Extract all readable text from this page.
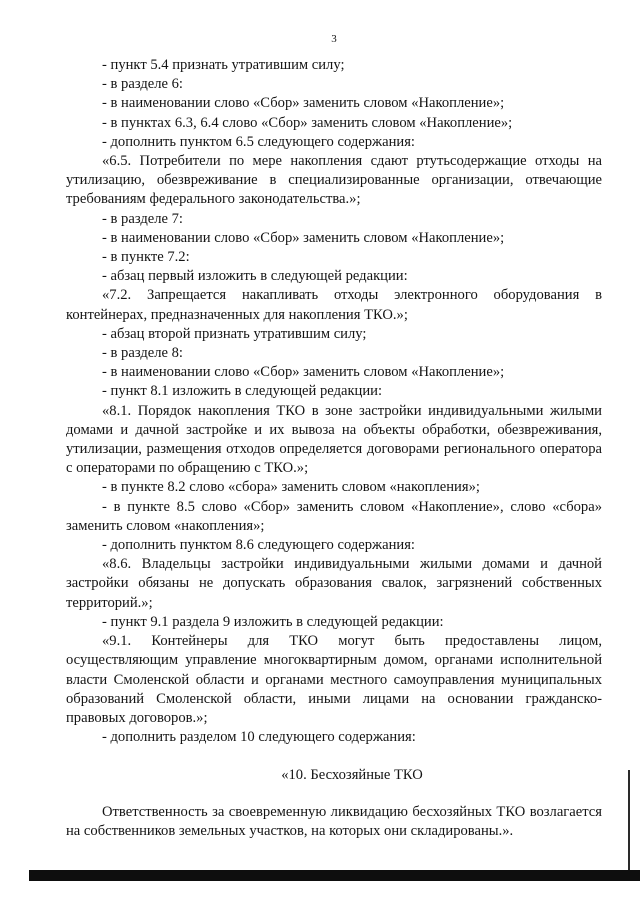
3

- пункт 5.4 признать утратившим силу;

- в разделе 6:

- в наименовании слово «Сбор» заменить словом «Накопление»;

- в пунктах 6.3, 6.4 слово «Сбор» заменить словом «Накопление»;

- дополнить пунктом 6.5 следующего содержания:

«6.5. Потребители по мере накопления сдают ртутьсодержащие отходы на утилизацию, обезвреживание в специализированные организации, отвечающие требованиям федерального законодательства.»;

- в разделе 7:

- в наименовании слово «Сбор» заменить словом «Накопление»;

- в пункте 7.2:

- абзац первый изложить в следующей редакции:

«7.2. Запрещается накапливать отходы электронного оборудования в контейнерах, предназначенных для накопления ТКО.»;

- абзац второй признать утратившим силу;

- в разделе 8:

- в наименовании слово «Сбор» заменить словом «Накопление»;

- пункт 8.1 изложить в следующей редакции:

«8.1. Порядок накопления ТКО в зоне застройки индивидуальными жилыми домами и дачной застройке и их вывоза на объекты обработки, обезвреживания, утилизации, размещения отходов определяется договорами регионального оператора с операторами по обращению с ТКО.»;

- в пункте 8.2 слово «сбора» заменить словом «накопления»;

- в пункте 8.5 слово «Сбор» заменить словом «Накопление», слово «сбора» заменить словом «накопления»;

- дополнить пунктом 8.6 следующего содержания:

«8.6. Владельцы застройки индивидуальными жилыми домами и дачной застройки обязаны не допускать образования свалок, загрязнений собственных территорий.»;

- пункт 9.1 раздела 9 изложить в следующей редакции:

«9.1. Контейнеры для ТКО могут быть предоставлены лицом, осуществляющим управление многоквартирным домом, органами исполнительной власти Смоленской области и органами местного самоуправления муниципальных образований Смоленской области, иными лицами на основании гражданско-правовых договоров.»;

- дополнить разделом 10 следующего содержания:

«10. Бесхозяйные ТКО

Ответственность за своевременную ликвидацию бесхозяйных ТКО возлагается на собственников земельных участков, на которых они складированы.».
